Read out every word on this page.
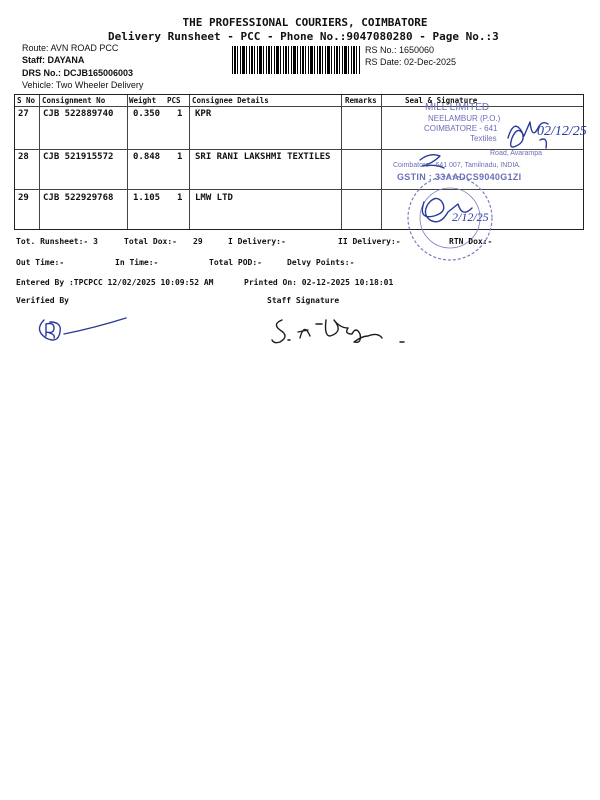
THE PROFESSIONAL COURIERS, COIMBATORE
Delivery Runsheet - PCC - Phone No.:9047080280 - Page No.:3
Route: AVN ROAD PCC
Staff: DAYANA
DRS No.: DCJB165006003
Vehicle: Two Wheeler Delivery
RS No.: 1650060
RS Date: 02-Dec-2025
S No Consignment No	Weight PCS Consignee Details	Remarks	Seal & Signature
27 CJB 522889740 0.350 1 KPR
28 CJB 521915572 0.848 1 SRI RANI LAKSHMI TEXTILES
29 CJB 522929768 1.105 1 LMW LTD
MILL LIMITED
NEELAMBUR (P.O.)
COIMBATORE - 641
Textiles
Road, Avarampa
Coimbatore - 641 007, Tamilnadu, INDIA.
GSTIN : 33AADCS9040G1ZI
02/12/25
2/12/25
Tot. Runsheet:- 3	Total Dox:- 29	I Delivery:-	II Delivery:-	RTN Dox:-
Out Time:-	In Time:-	Total POD:-	Delvy Points:-
Entered By :TPCPCC 12/02/2025 10:09:52 AM	Printed On: 02-12-2025 10:18:01
Verified By	Staff Signature
